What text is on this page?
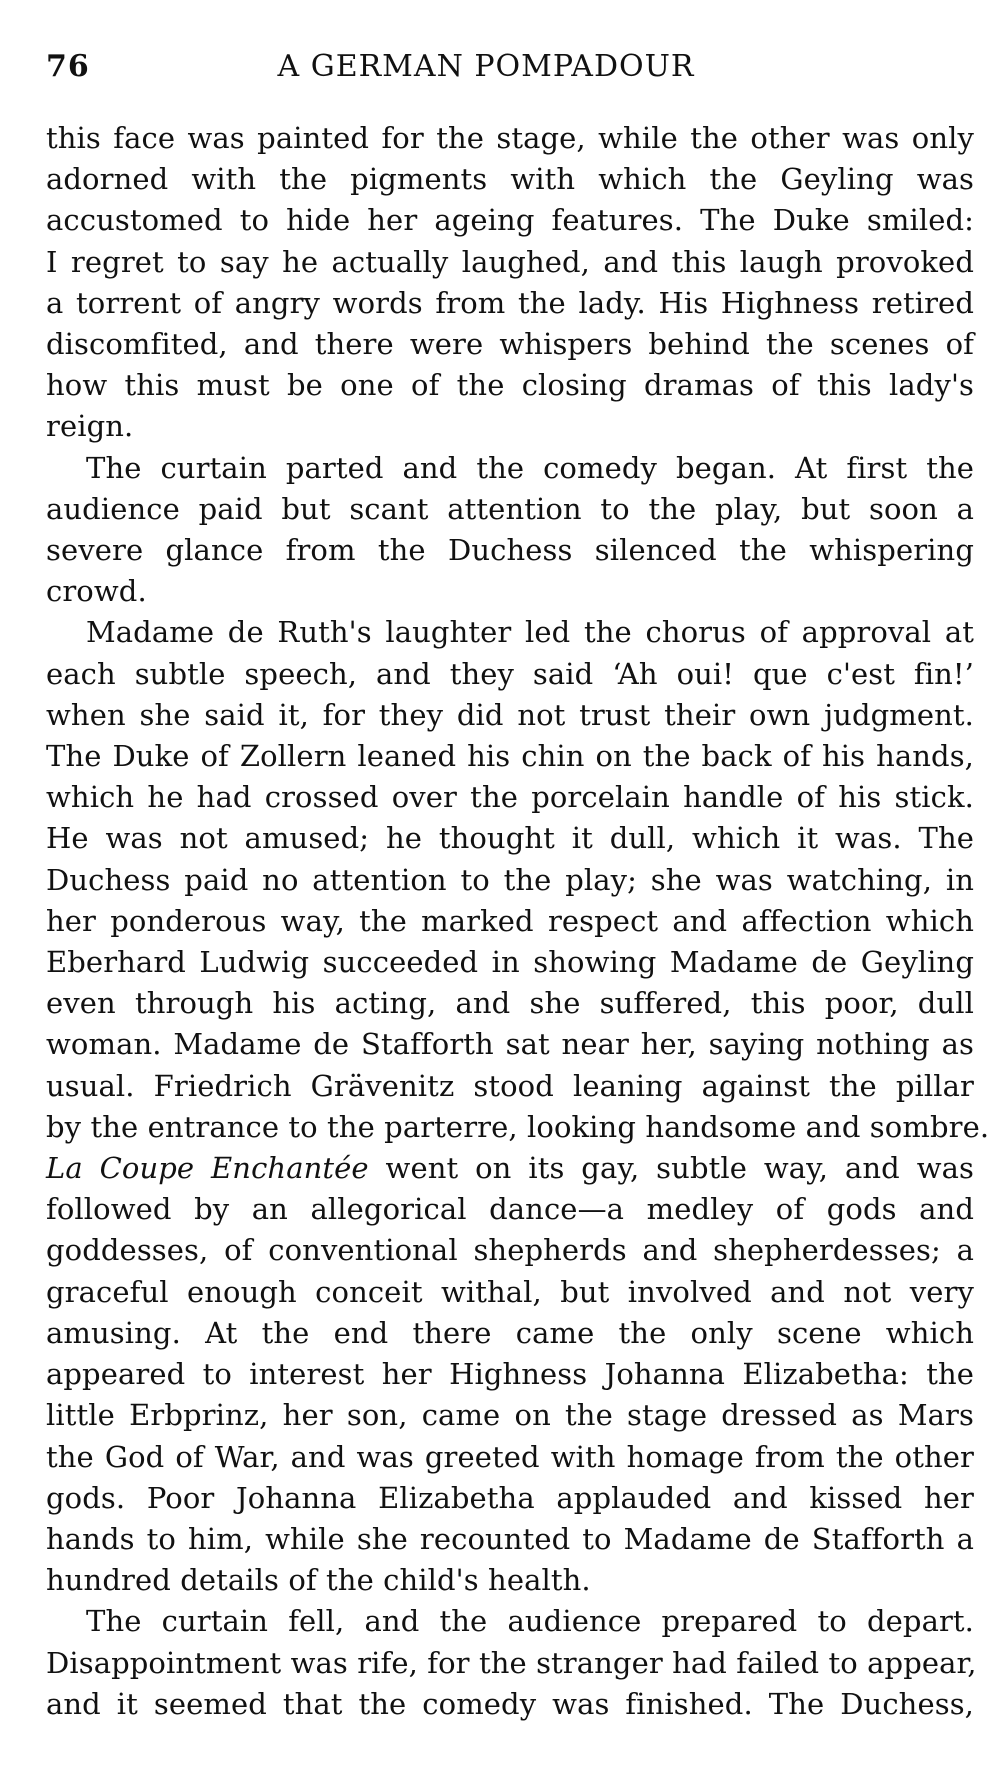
76	A GERMAN POMPADOUR

this face was painted for the stage, while the other was only
adorned with the pigments with which the Geyling was
accustomed to hide her ageing features. The Duke smiled:
I regret to say he actually laughed, and this laugh provoked
a torrent of angry words from the lady. His Highness retired
discomfited, and there were whispers behind the scenes of
how this must be one of the closing dramas of this lady's
reign.

The curtain parted and the comedy began. At first the
audience paid but scant attention to the play, but soon a
severe glance from the Duchess silenced the whispering
crowd.

Madame de Ruth's laughter led the chorus of approval at
each subtle speech, and they said ‘Ah oui! que c'est fin!’
when she said it, for they did not trust their own judgment.
The Duke of Zollern leaned his chin on the back of his hands,
which he had crossed over the porcelain handle of his stick.
He was not amused; he thought it dull, which it was. The
Duchess paid no attention to the play; she was watching, in
her ponderous way, the marked respect and affection which
Eberhard Ludwig succeeded in showing Madame de Geyling
even through his acting, and she suffered, this poor, dull
woman. Madame de Stafforth sat near her, saying nothing as
usual. Friedrich Grävenitz stood leaning against the pillar
by the entrance to the parterre, looking handsome and sombre.
La Coupe Enchantée went on its gay, subtle way, and was
followed by an allegorical dance—a medley of gods and
goddesses, of conventional shepherds and shepherdesses; a
graceful enough conceit withal, but involved and not very
amusing. At the end there came the only scene which
appeared to interest her Highness Johanna Elizabetha: the
little Erbprinz, her son, came on the stage dressed as Mars
the God of War, and was greeted with homage from the other
gods. Poor Johanna Elizabetha applauded and kissed her
hands to him, while she recounted to Madame de Stafforth a
hundred details of the child's health.

The curtain fell, and the audience prepared to depart.
Disappointment was rife, for the stranger had failed to appear,
and it seemed that the comedy was finished. The Duchess,
